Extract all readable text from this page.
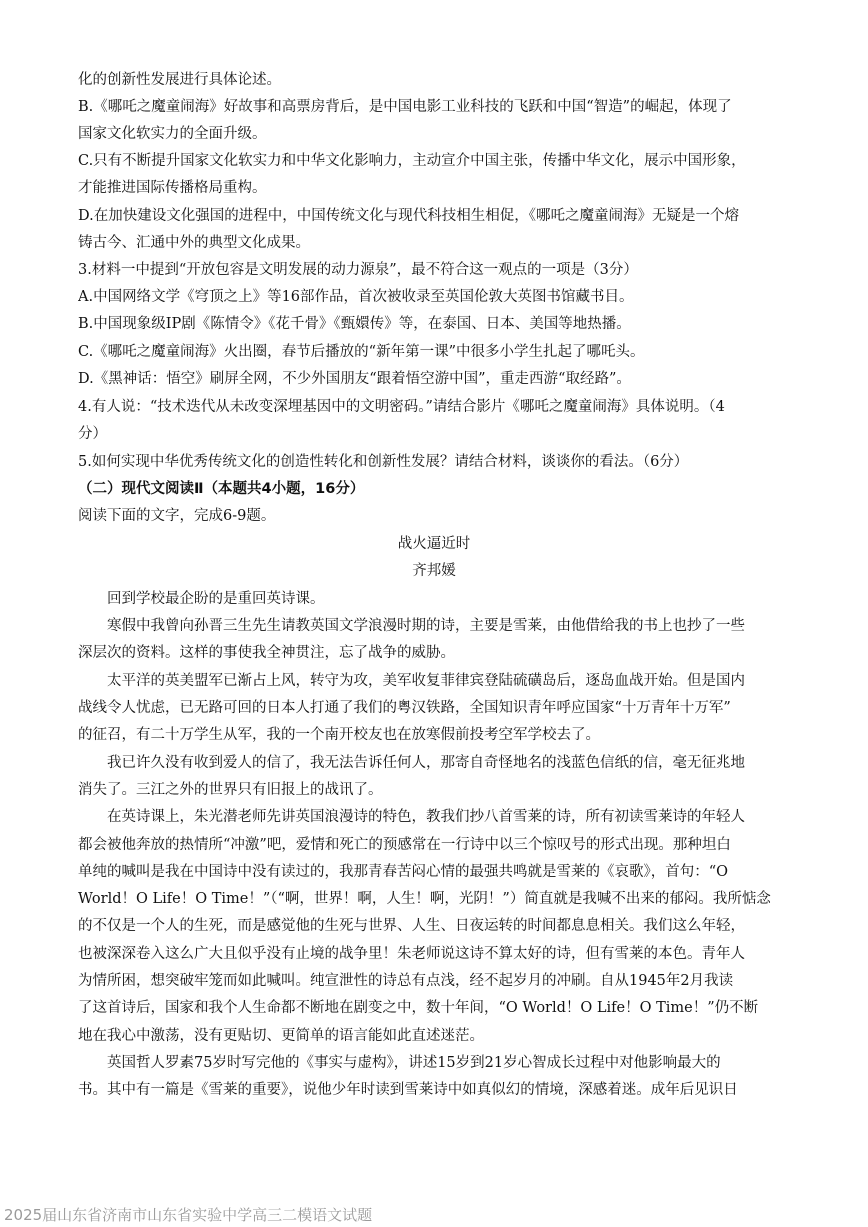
化的创新性发展进行具体论述。
B.《哪吒之魔童闹海》好故事和高票房背后，是中国电影工业科技的飞跃和中国“智造”的崛起，体现了
国家文化软实力的全面升级。
C.只有不断提升国家文化软实力和中华文化影响力，主动宣介中国主张，传播中华文化，展示中国形象，
才能推进国际传播格局重构。
D.在加快建设文化强国的进程中，中国传统文化与现代科技相生相促，《哪吒之魔童闹海》无疑是一个熔
铸古今、汇通中外的典型文化成果。
3.材料一中提到“开放包容是文明发展的动力源泉”，最不符合这一观点的一项是（3分）
A.中国网络文学《穹顶之上》等16部作品，首次被收录至英国伦敦大英图书馆藏书目。
B.中国现象级IP剧《陈情令》《花千骨》《甄嬛传》等，在泰国、日本、美国等地热播。
C.《哪吒之魔童闹海》火出圈，春节后播放的“新年第一课”中很多小学生扎起了哪吒头。
D.《黑神话：悟空》刷屏全网，不少外国朋友“跟着悟空游中国”，重走西游“取经路”。
4.有人说：“技术迭代从未改变深埋基因中的文明密码。”请结合影片《哪吒之魔童闹海》具体说明。（4
分）
5.如何实现中华优秀传统文化的创造性转化和创新性发展？请结合材料，谈谈你的看法。（6分）
（二）现代文阅读Ⅱ（本题共4小题，16分）
阅读下面的文字，完成6-9题。
战火逼近时
齐邦媛
　　回到学校最企盼的是重回英诗课。
　　寒假中我曾向孙晋三生先生请教英国文学浪漫时期的诗，主要是雪莱，由他借给我的书上也抄了一些
深层次的资料。这样的事使我全神贯注，忘了战争的威胁。
　　太平洋的英美盟军已渐占上风，转守为攻，美军收复菲律宾登陆硫磺岛后，逐岛血战开始。但是国内
战线令人忧虑，已无路可回的日本人打通了我们的粤汉铁路，全国知识青年呼应国家“十万青年十万军”
的征召，有二十万学生从军，我的一个南开校友也在放寒假前投考空军学校去了。
　　我已许久没有收到爱人的信了，我无法告诉任何人，那寄自奇怪地名的浅蓝色信纸的信，毫无征兆地
消失了。三江之外的世界只有旧报上的战讯了。
　　在英诗课上，朱光潜老师先讲英国浪漫诗的特色，教我们抄八首雪莱的诗，所有初读雪莱诗的年轻人
都会被他奔放的热情所“冲激”吧，爱情和死亡的预感常在一行诗中以三个惊叹号的形式出现。那种坦白
单纯的喊叫是我在中国诗中没有读过的，我那青春苦闷心情的最强共鸣就是雪莱的《哀歌》，首句：“O
World！O Life！O Time！”（“啊，世界！啊，人生！啊，光阴！”）简直就是我喊不出来的郁闷。我所惦念
的不仅是一个人的生死，而是感觉他的生死与世界、人生、日夜运转的时间都息息相关。我们这么年轻，
也被深深卷入这么广大且似乎没有止境的战争里！朱老师说这诗不算太好的诗，但有雪莱的本色。青年人
为情所困，想突破牢笼而如此喊叫。纯宣泄性的诗总有点浅，经不起岁月的冲刷。自从1945年2月我读
了这首诗后，国家和我个人生命都不断地在剧变之中，数十年间，“O World！O Life！O Time！”仍不断
地在我心中激荡，没有更贴切、更简单的语言能如此直述迷茫。
　　英国哲人罗素75岁时写完他的《事实与虚构》，讲述15岁到21岁心智成长过程中对他影响最大的
书。其中有一篇是《雪莱的重要》，说他少年时读到雪莱诗中如真似幻的情境，深感着迷。成年后见识日
2025届山东省济南市山东省实验中学高三二模语文试题
